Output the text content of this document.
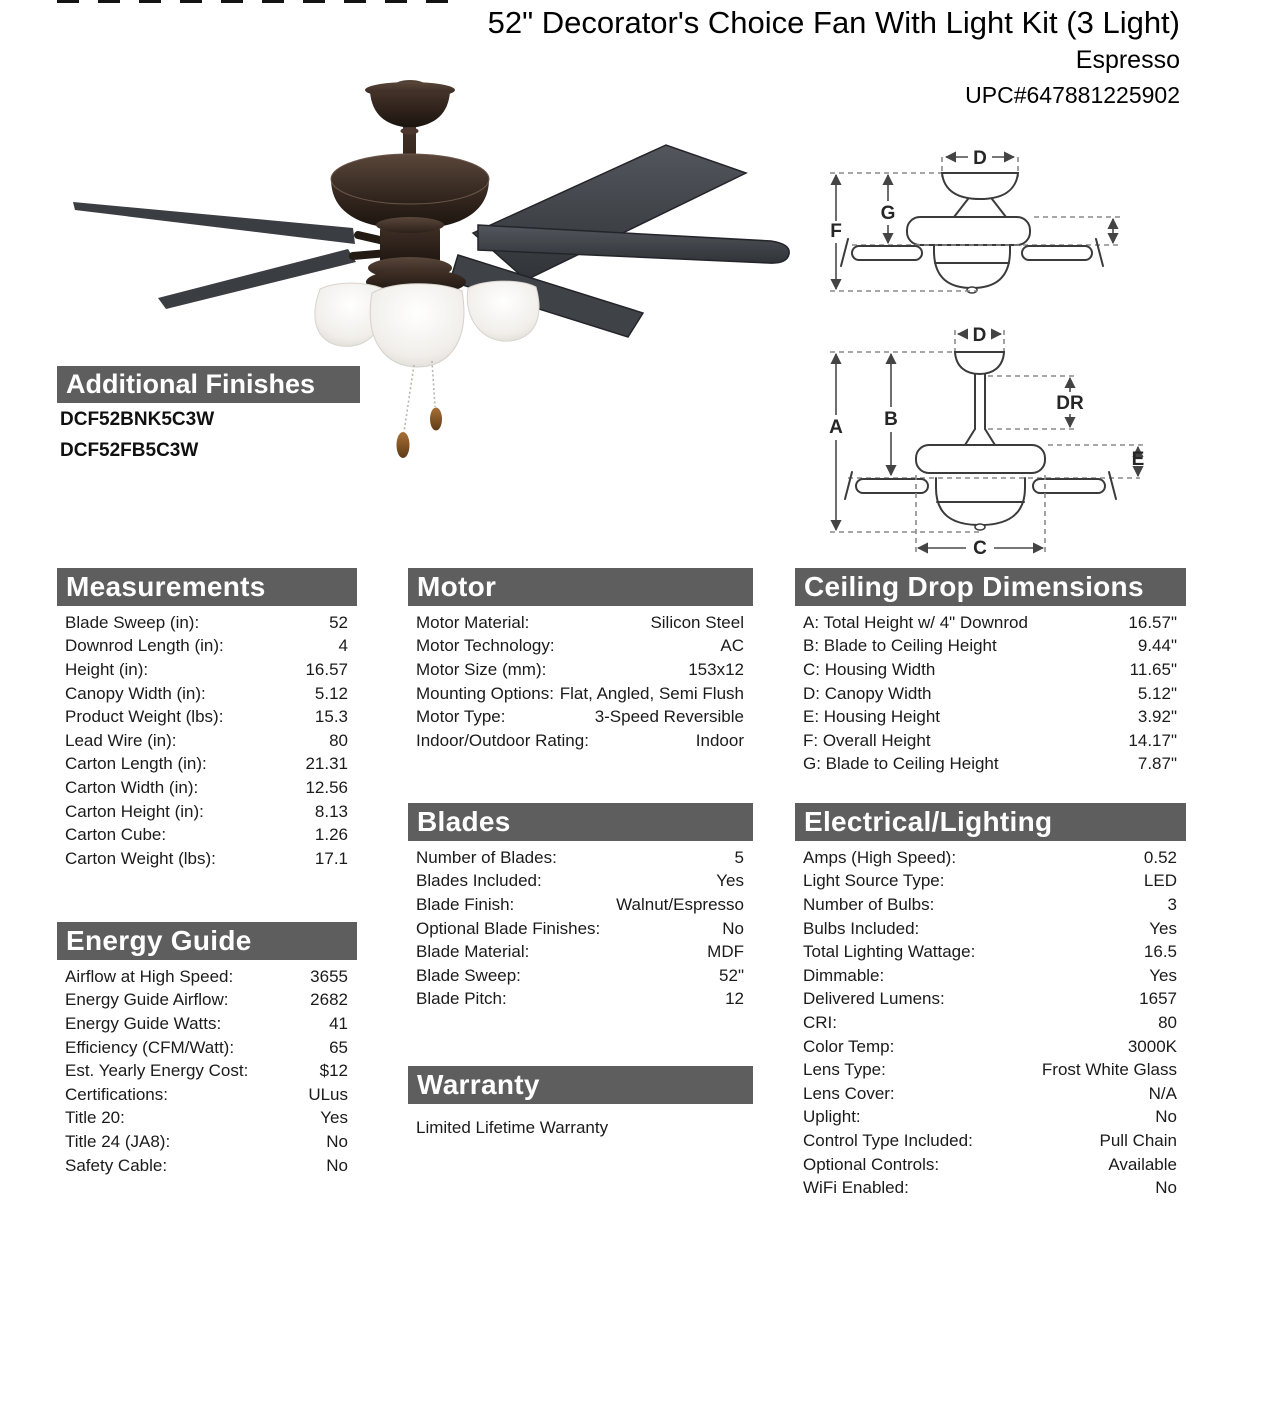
52" Decorator's Choice Fan With Light Kit (3 Light)
Espresso
UPC#647881225902
D
F
G
D
DR
A B
E
C
Additional Finishes
DCF52BNK5C3W
DCF52FB5C3W
Measurements
Blade Sweep (in):	52
Downrod Length (in):	4
Height (in):	16.57
Canopy Width (in):	5.12
Product Weight (lbs):	15.3
Lead Wire (in):	80
Carton Length (in):	21.31
Carton Width (in):	12.56
Carton Height (in):	8.13
Carton Cube:	1.26
Carton Weight (lbs):	17.1
Energy Guide
Airflow at High Speed:	3655
Energy Guide Airflow:	2682
Energy Guide Watts:	41
Efficiency (CFM/Watt):	65
Est. Yearly Energy Cost:	$12
Certifications:	ULus
Title 20:	Yes
Title 24 (JA8):	No
Safety Cable:	No
Motor
Motor Material:	Silicon Steel
Motor Technology:	AC
Motor Size (mm):	153x12
Mounting Options: Flat, Angled, Semi Flush
Motor Type:	3-Speed Reversible
Indoor/Outdoor Rating:	Indoor
Blades
Number of Blades:	5
Blades Included:	Yes
Blade Finish:	Walnut/Espresso
Optional Blade Finishes:	No
Blade Material:	MDF
Blade Sweep:	52"
Blade Pitch:	12
Warranty
Limited Lifetime Warranty
Ceiling Drop Dimensions
A: Total Height w/ 4" Downrod	16.57"
B: Blade to Ceiling Height	9.44"
C: Housing Width	11.65"
D: Canopy Width	5.12"
E: Housing Height	3.92"
F: Overall Height	14.17"
G: Blade to Ceiling Height	7.87"
Electrical/Lighting
Amps (High Speed):	0.52
Light Source Type:	LED
Number of Bulbs:	3
Bulbs Included:	Yes
Total Lighting Wattage:	16.5
Dimmable:	Yes
Delivered Lumens:	1657
CRI:	80
Color Temp:	3000K
Lens Type:	Frost White Glass
Lens Cover:	N/A
Uplight:	No
Control Type Included:	Pull Chain
Optional Controls:	Available
WiFi Enabled:	No
